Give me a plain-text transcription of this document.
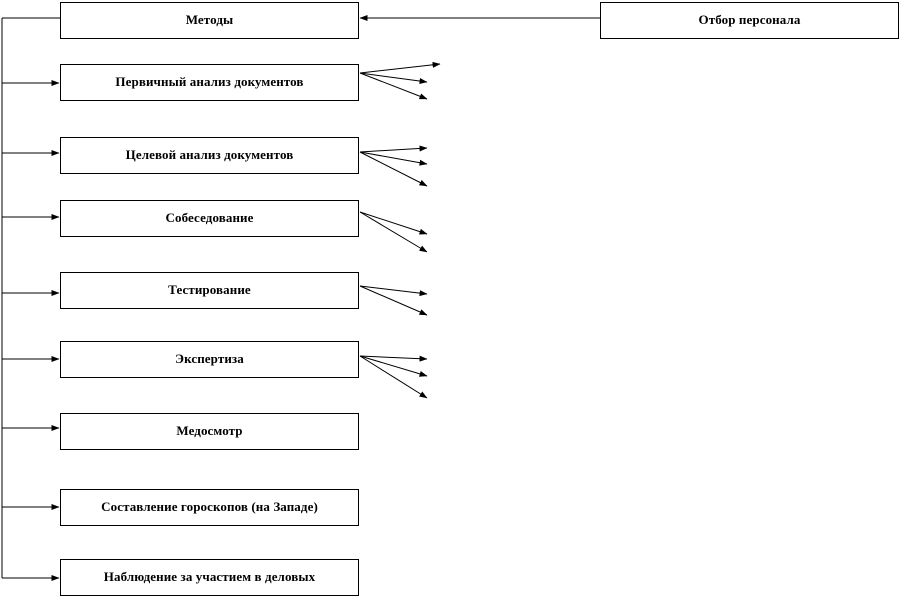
Отбор персонала
Методы
Первичный анализ документов
Целевой анализ документов
Собеседование
Тестирование
Экспертиза
Медосмотр
Составление гороскопов (на Западе)
Наблюдение за участием в деловых
